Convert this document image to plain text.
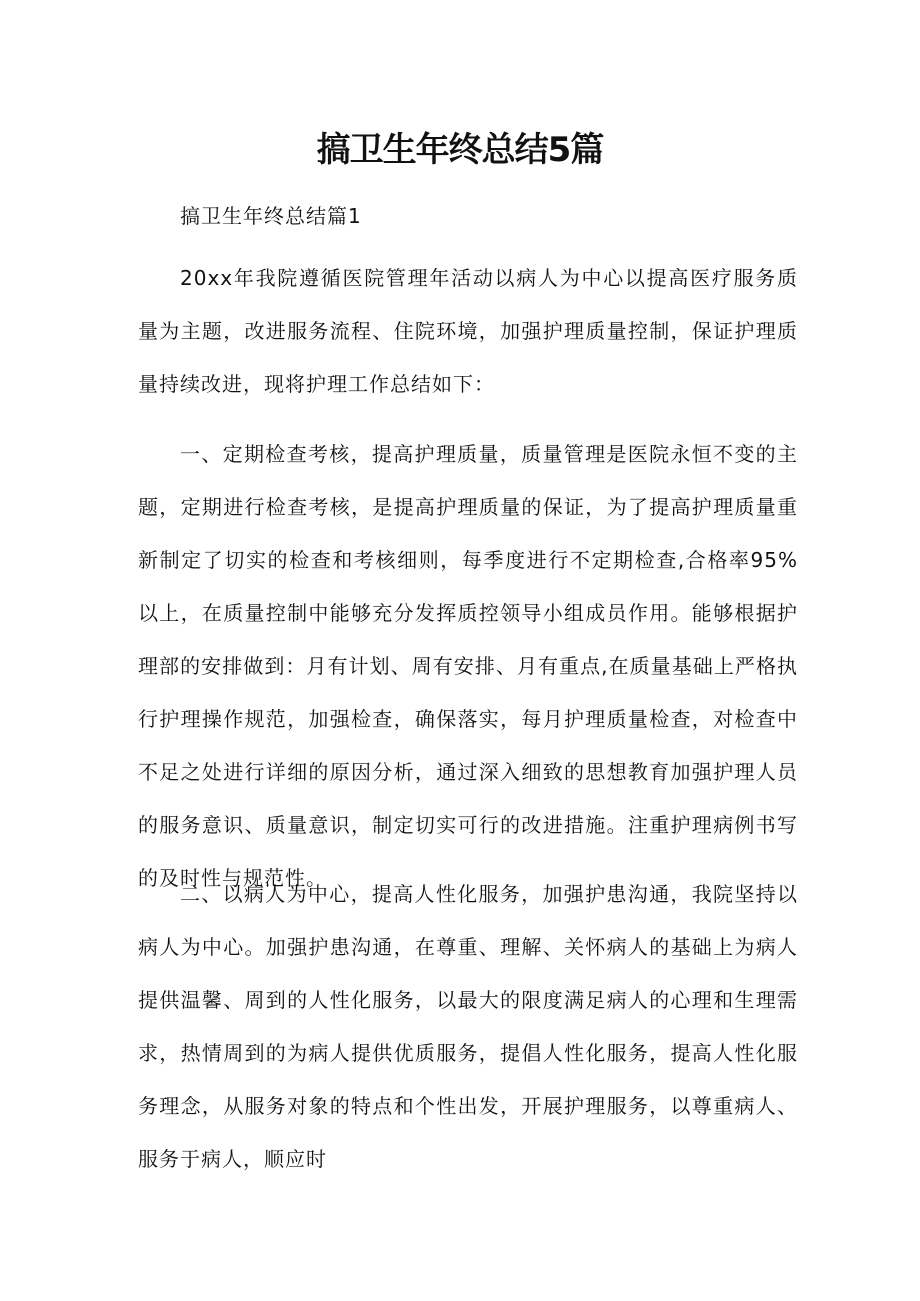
搞卫生年终总结5篇

搞卫生年终总结篇1

20xx年我院遵循医院管理年活动以病人为中心以提高医疗服务质量为主题，改进服务流程、住院环境，加强护理质量控制，保证护理质量持续改进，现将护理工作总结如下：

一、定期检查考核，提高护理质量，质量管理是医院永恒不变的主题，定期进行检查考核，是提高护理质量的保证，为了提高护理质量重新制定了切实的检查和考核细则，每季度进行不定期检查,合格率95%以上，在质量控制中能够充分发挥质控领导小组成员作用。能够根据护理部的安排做到：月有计划、周有安排、月有重点,在质量基础上严格执行护理操作规范，加强检查，确保落实，每月护理质量检查，对检查中不足之处进行详细的原因分析，通过深入细致的思想教育加强护理人员的服务意识、质量意识，制定切实可行的改进措施。注重护理病例书写的及时性与规范性。

二、以病人为中心，提高人性化服务，加强护患沟通，我院坚持以病人为中心。加强护患沟通，在尊重、理解、关怀病人的基础上为病人提供温馨、周到的人性化服务，以最大的限度满足病人的心理和生理需求，热情周到的为病人提供优质服务，提倡人性化服务，提高人性化服务理念，从服务对象的特点和个性出发，开展护理服务，以尊重病人、服务于病人，顺应时
